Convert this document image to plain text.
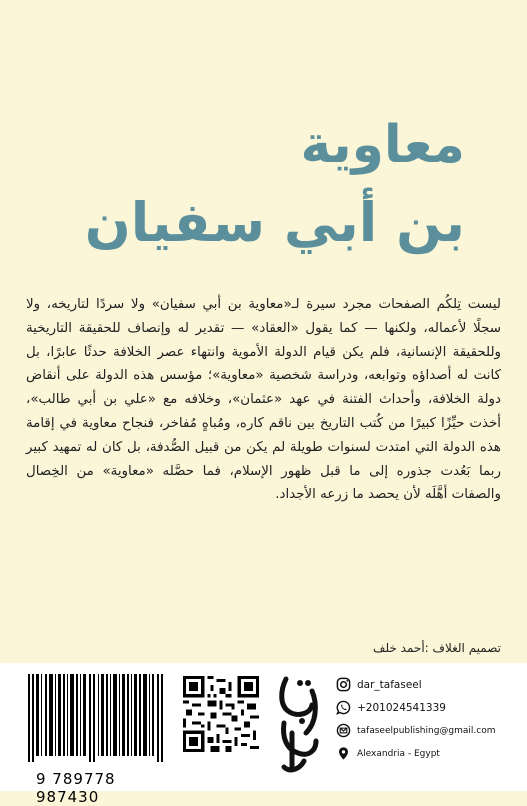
معاوية
بن أبي سفيان

ليست تِلكُم الصفحات مجرد سيرة لـ«معاوية بن أبي سفيان» ولا سردًا لتاريخه، ولا سجلًا لأعماله، ولكنها — كما يقول «العقاد» — تقدير له وإنصاف للحقيقة التاريخية وللحقيقة الإنسانية، فلم يكن قيام الدولة الأموية وانتهاء عصر الخلافة حدثًا عابرًا، بل كانت له أصداؤه وتوابعه، ودراسة شخصية «معاوية»؛ مؤسس هذه الدولة على أنقاض دولة الخلافة، وأحداث الفتنة في عهد «عثمان»، وخلافه مع «علي بن أبي طالب»، أخذت حيِّزًا كبيرًا من كُتب التاريخ بين ناقم كاره، ومُباهٍ مُفاخر، فنجاح معاوية في إقامة هذه الدولة التي امتدت لسنوات طويلة لم يكن من قبيل الصُّدفة، بل كان له تمهيد كبير ربما بَعُدت جذوره إلى ما قبل ظهور الإسلام، فما حصَّله «معاوية» من الخِصال والصفات أهَّلَه لأن يحصد ما زرعه الأجداد.

تصميم الغلاف :أحمد خلف
9 789778 987430
dar_tafaseel
+201024541339
tafaseelpublishing@gmail.com
Alexandria - Egypt
